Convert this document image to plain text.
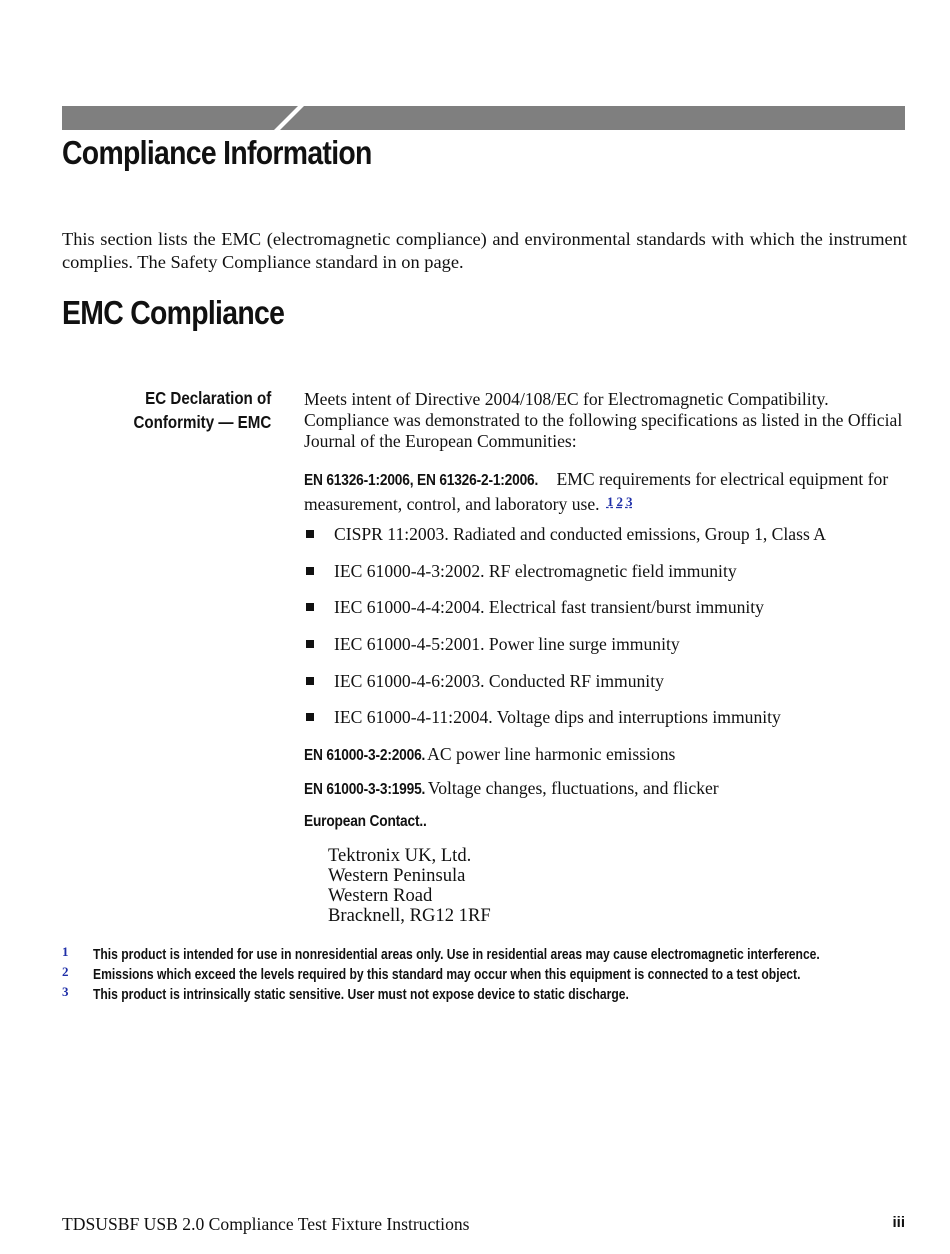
Compliance Information

This section lists the EMC (electromagnetic compliance) and environmental standards with which the instrument complies. The Safety Compliance standard in on page.

EMC Compliance
EC Declaration of
Conformity — EMC

Meets intent of Directive 2004/108/EC for Electromagnetic Compatibility. Compliance was demonstrated to the following specifications as listed in the Official Journal of the European Communities:

EN 61326-1:2006, EN 61326-2-1:2006. EMC requirements for electrical equipment for measurement, control, and laboratory use. $^1$ $^2$ $^3$

CISPR 11:2003. Radiated and conducted emissions, Group 1, Class A
IEC 61000-4-3:2002. RF electromagnetic field immunity
IEC 61000-4-4:2004. Electrical fast transient/burst immunity
IEC 61000-4-5:2001. Power line surge immunity
IEC 61000-4-6:2003. Conducted RF immunity
IEC 61000-4-11:2004. Voltage dips and interruptions immunity

EN 61000-3-2:2006. AC power line harmonic emissions

EN 61000-3-3:1995. Voltage changes, fluctuations, and flicker

European Contact..
Tektronix UK, Ltd.
Western Peninsula
Western Road
Bracknell, RG12 1RF
1 This product is intended for use in nonresidential areas only. Use in residential areas may cause electromagnetic interference.
2 Emissions which exceed the levels required by this standard may occur when this equipment is connected to a test object.
3 This product is intrinsically static sensitive. User must not expose device to static discharge.
TDSUSBF USB 2.0 Compliance Test Fixture Instructions	iii
